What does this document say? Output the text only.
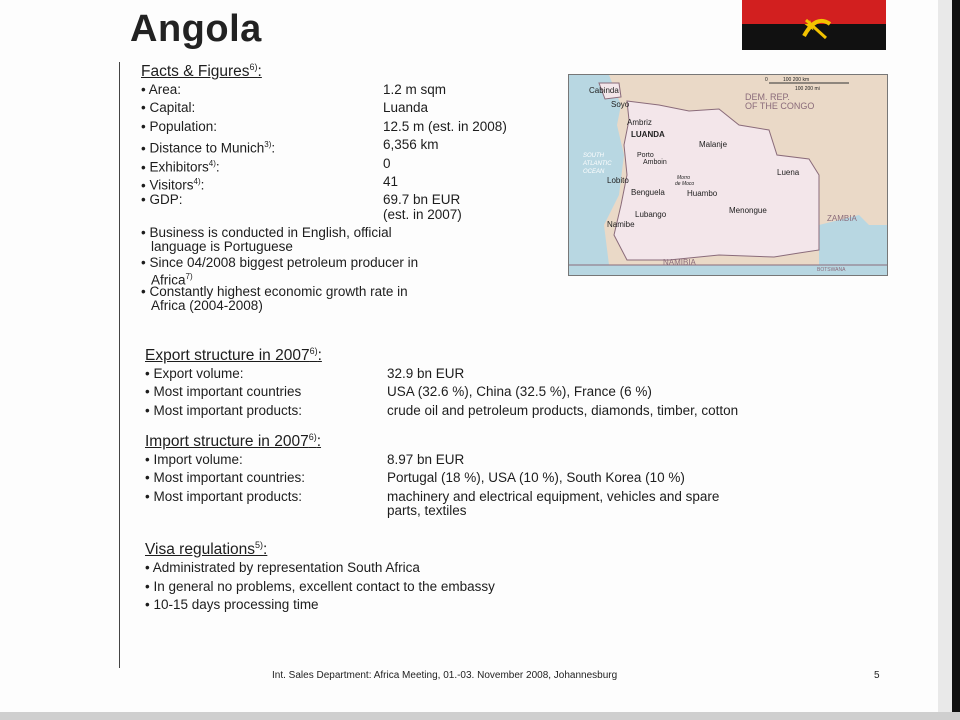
Angola
Facts & Figures$^{6)}$:
• Area:	1.2 m sqm
• Capital:	Luanda
• Population:	12.5 m (est. in 2008)
• Distance to Munich$^{3)}$:	6,356 km
• Exhibitors$^{4)}$:	0
• Visitors$^{4)}$:	41
• GDP:	69.7 bn EUR
(est. in 2007)
• Business is conducted in English, official
language is Portuguese
• Since 04/2008 biggest petroleum producer in
Africa$^{7)}$
• Constantly highest economic growth rate in
Africa (2004-2008)
0	100 200 km
100 200 mi
DEM. REP.
OF THE CONGO
Cabinda
Soyo
Ambriz
LUANDA
Malanje
Porto
Amboin
SOUTH
ATLANTIC
OCEAN
Lobito	Morro
de Moco
Benguela	Huambo
Luena
Lubango	Menongue
Namibe
ZAMBIA
NAMIBIA
BOTSWANA
Export structure in 2007$^{6)}$:
• Export volume:	32.9 bn EUR
• Most important countries	USA (32.6 %), China (32.5 %), France (6 %)
• Most important products:	crude oil and petroleum products, diamonds, timber, cotton
Import structure in 2007$^{6)}$:
• Import volume:	8.97 bn EUR
• Most important countries:	Portugal (18 %), USA (10 %), South Korea (10 %)
• Most important products:	machinery and electrical equipment, vehicles and spare
parts, textiles
Visa regulations$^{5)}$:
• Administrated by representation South Africa
• In general no problems, excellent contact to the embassy
• 10-15 days processing time
Int. Sales Department: Africa Meeting, 01.-03. November 2008, Johannesburg	5
